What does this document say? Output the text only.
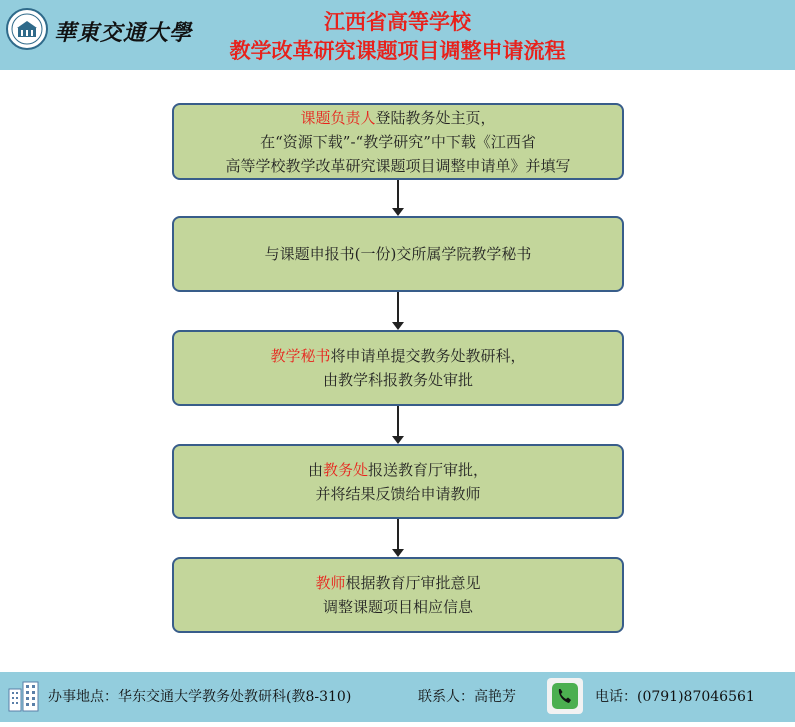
華東交通大學	江西省高等学校
教学改革研究课题项目调整申请流程
课题负责人登陆教务处主页，
在“资源下载”-“教学研究”中下载《江西省
高等学校教学改革研究课题项目调整申请单》并填写
与课题申报书(一份)交所属学院教学秘书
教学秘书将申请单提交教务处教研科，
由教学科报教务处审批
由教务处报送教育厅审批，
并将结果反馈给申请教师
教师根据教育厅审批意见
调整课题项目相应信息
办事地点：华东交通大学教务处教研科(教8-310)	联系人：高艳芳	电话：(0791)87046561
